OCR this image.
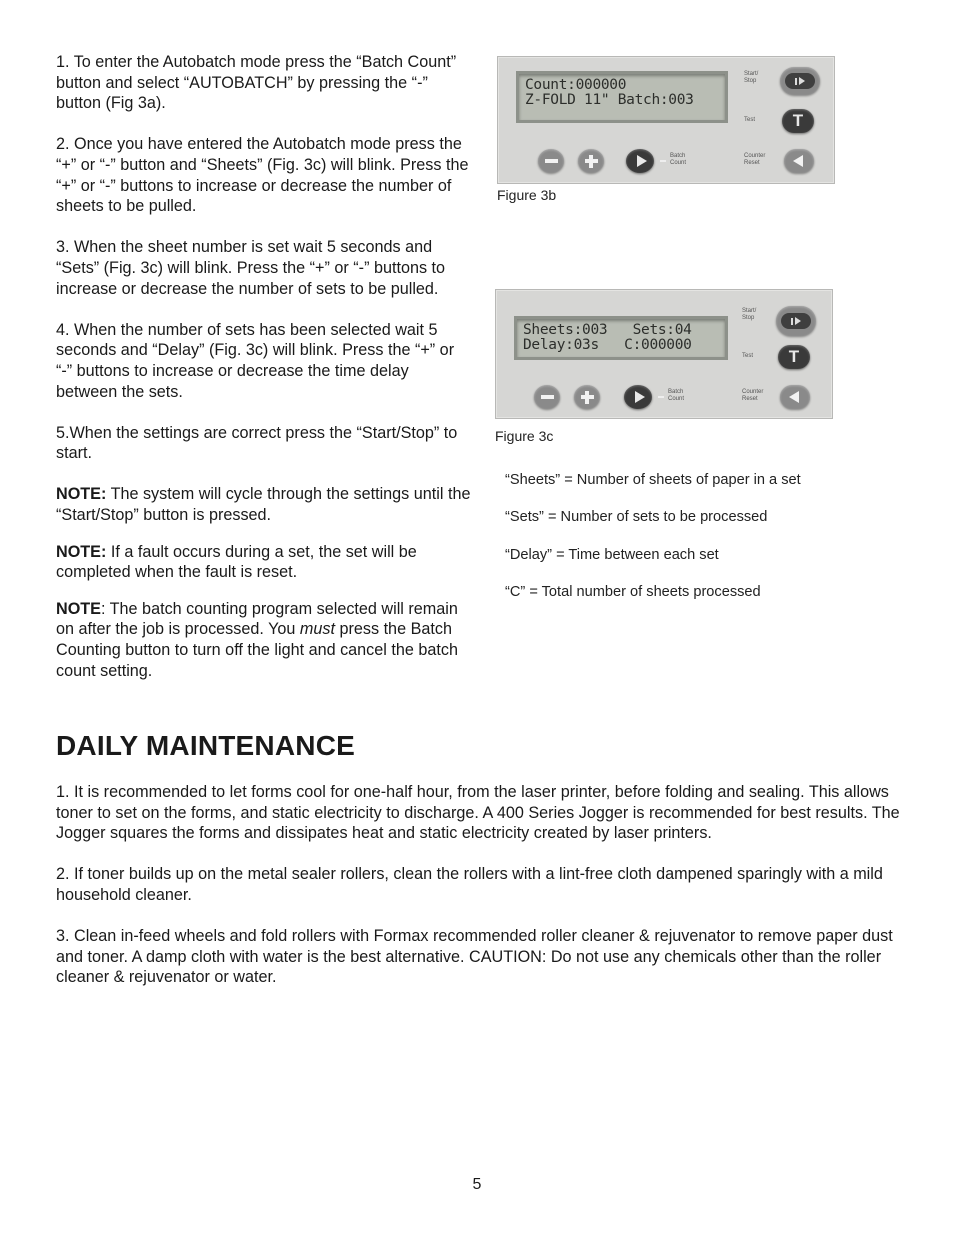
1. To enter the Autobatch mode press the “Batch Count” button and select “AUTOBATCH” by pressing the “-” button (Fig 3a).

2. Once you have entered the Autobatch mode press the “+” or “-” button and “Sheets” (Fig. 3c) will blink. Press the “+” or “-” buttons to increase or decrease the number of sheets to be pulled.

3. When the sheet number is set wait 5 seconds and “Sets” (Fig. 3c) will blink. Press the “+” or “-” buttons to increase or decrease the number of sets to be pulled.

4. When the number of sets has been selected wait 5 seconds and “Delay” (Fig. 3c) will blink. Press the “+” or “-” buttons to increase or decrease the time delay between the sets.

5.When the settings are correct press the “Start/Stop” to start.

NOTE: The system will cycle through the settings until the “Start/Stop” button is pressed.

NOTE: If a fault occurs during a set, the set will be completed when the fault is reset.

NOTE: The batch counting program selected will remain on after the job is processed. You must press the Batch Counting button to turn off the light and cancel the batch count setting.

Count:000000
Z-FOLD 11" Batch:003
Start/ Stop
Test T
Batch Count
Counter Reset
Figure 3b
Sheets:003   Sets:04
Delay:03s   C:000000
Start/ Stop
Test T
Batch Count
Counter Reset
Figure 3c
“Sheets” = Number of sheets of paper in a set
“Sets” = Number of sets to be processed
“Delay” = Time between each set
“C” = Total number of sheets processed
DAILY MAINTENANCE

1. It is recommended to let forms cool for one-half hour, from the laser printer, before folding and sealing. This allows toner to set on the forms, and static electricity to discharge. A 400 Series Jogger is recommended for best results. The Jogger squares the forms and dissipates heat and static electricity created by laser printers.

2. If toner builds up on the metal sealer rollers, clean the rollers with a lint-free cloth dampened sparingly with a mild household cleaner.

3. Clean in-feed wheels and fold rollers with Formax recommended roller cleaner & rejuvenator to remove paper dust and toner. A damp cloth with water is the best alternative. CAUTION: Do not use any chemicals other than the roller cleaner & rejuvenator or water.

5
